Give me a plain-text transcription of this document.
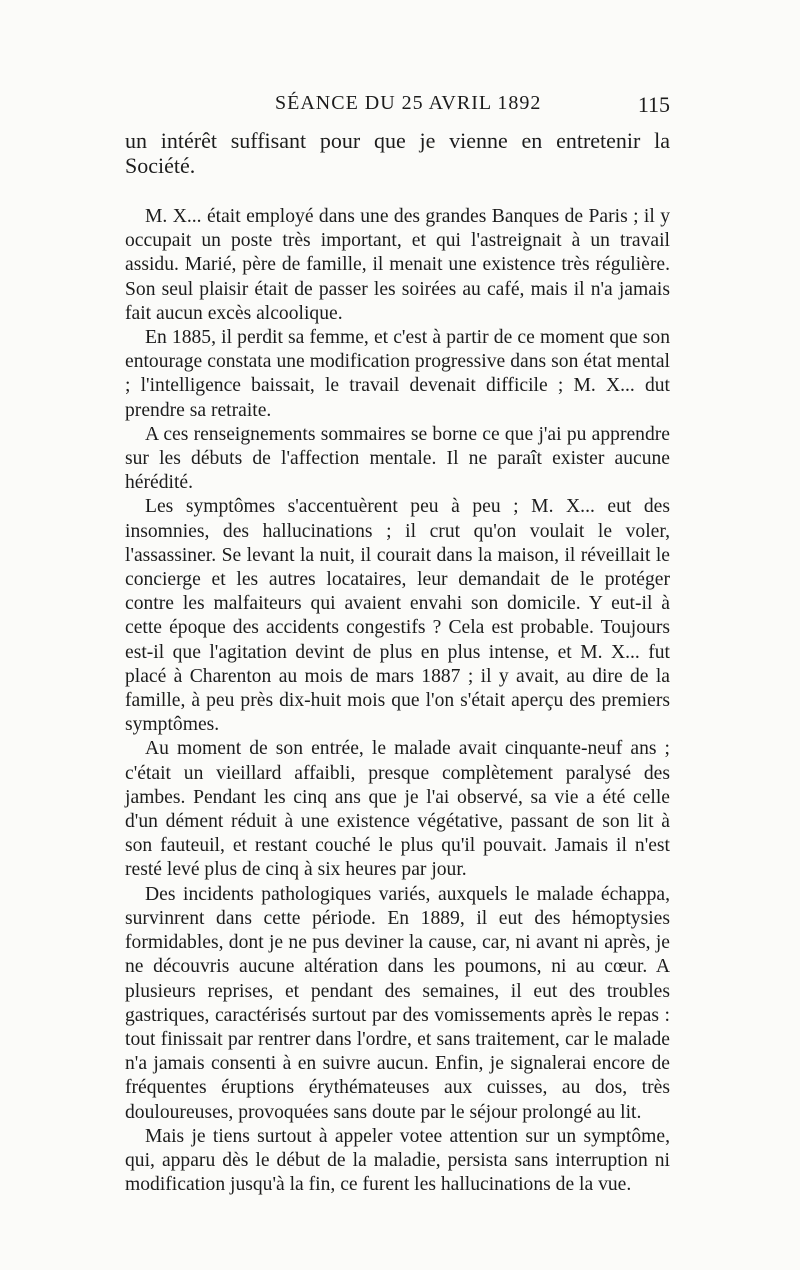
SÉANCE DU 25 AVRIL 1892	115

un intérêt suffisant pour que je vienne en entretenir la Société.

M. X... était employé dans une des grandes Banques de Paris ; il y occupait un poste très important, et qui l'astreignait à un travail assidu. Marié, père de famille, il menait une existence très régulière. Son seul plaisir était de passer les soirées au café, mais il n'a jamais fait aucun excès alcoolique.

En 1885, il perdit sa femme, et c'est à partir de ce moment que son entourage constata une modification progressive dans son état mental ; l'intelligence baissait, le travail devenait difficile ; M. X... dut prendre sa retraite.

A ces renseignements sommaires se borne ce que j'ai pu apprendre sur les débuts de l'affection mentale. Il ne paraît exister aucune hérédité.

Les symptômes s'accentuèrent peu à peu ; M. X... eut des insomnies, des hallucinations ; il crut qu'on voulait le voler, l'assassiner. Se levant la nuit, il courait dans la maison, il réveillait le concierge et les autres locataires, leur demandait de le protéger contre les malfaiteurs qui avaient envahi son domicile. Y eut-il à cette époque des accidents congestifs ? Cela est probable. Toujours est-il que l'agitation devint de plus en plus intense, et M. X... fut placé à Charenton au mois de mars 1887 ; il y avait, au dire de la famille, à peu près dix-huit mois que l'on s'était aperçu des premiers symptômes.

Au moment de son entrée, le malade avait cinquante-neuf ans ; c'était un vieillard affaibli, presque complètement paralysé des jambes. Pendant les cinq ans que je l'ai observé, sa vie a été celle d'un dément réduit à une existence végétative, passant de son lit à son fauteuil, et restant couché le plus qu'il pouvait. Jamais il n'est resté levé plus de cinq à six heures par jour.

Des incidents pathologiques variés, auxquels le malade échappa, survinrent dans cette période. En 1889, il eut des hémoptysies formidables, dont je ne pus deviner la cause, car, ni avant ni après, je ne découvris aucune altération dans les poumons, ni au cœur. A plusieurs reprises, et pendant des semaines, il eut des troubles gastriques, caractérisés surtout par des vomissements après le repas : tout finissait par rentrer dans l'ordre, et sans traitement, car le malade n'a jamais consenti à en suivre aucun. Enfin, je signalerai encore de fréquentes éruptions érythémateuses aux cuisses, au dos, très douloureuses, provoquées sans doute par le séjour prolongé au lit.

Mais je tiens surtout à appeler votee attention sur un symptôme, qui, apparu dès le début de la maladie, persista sans interruption ni modification jusqu'à la fin, ce furent les hallucinations de la vue.
